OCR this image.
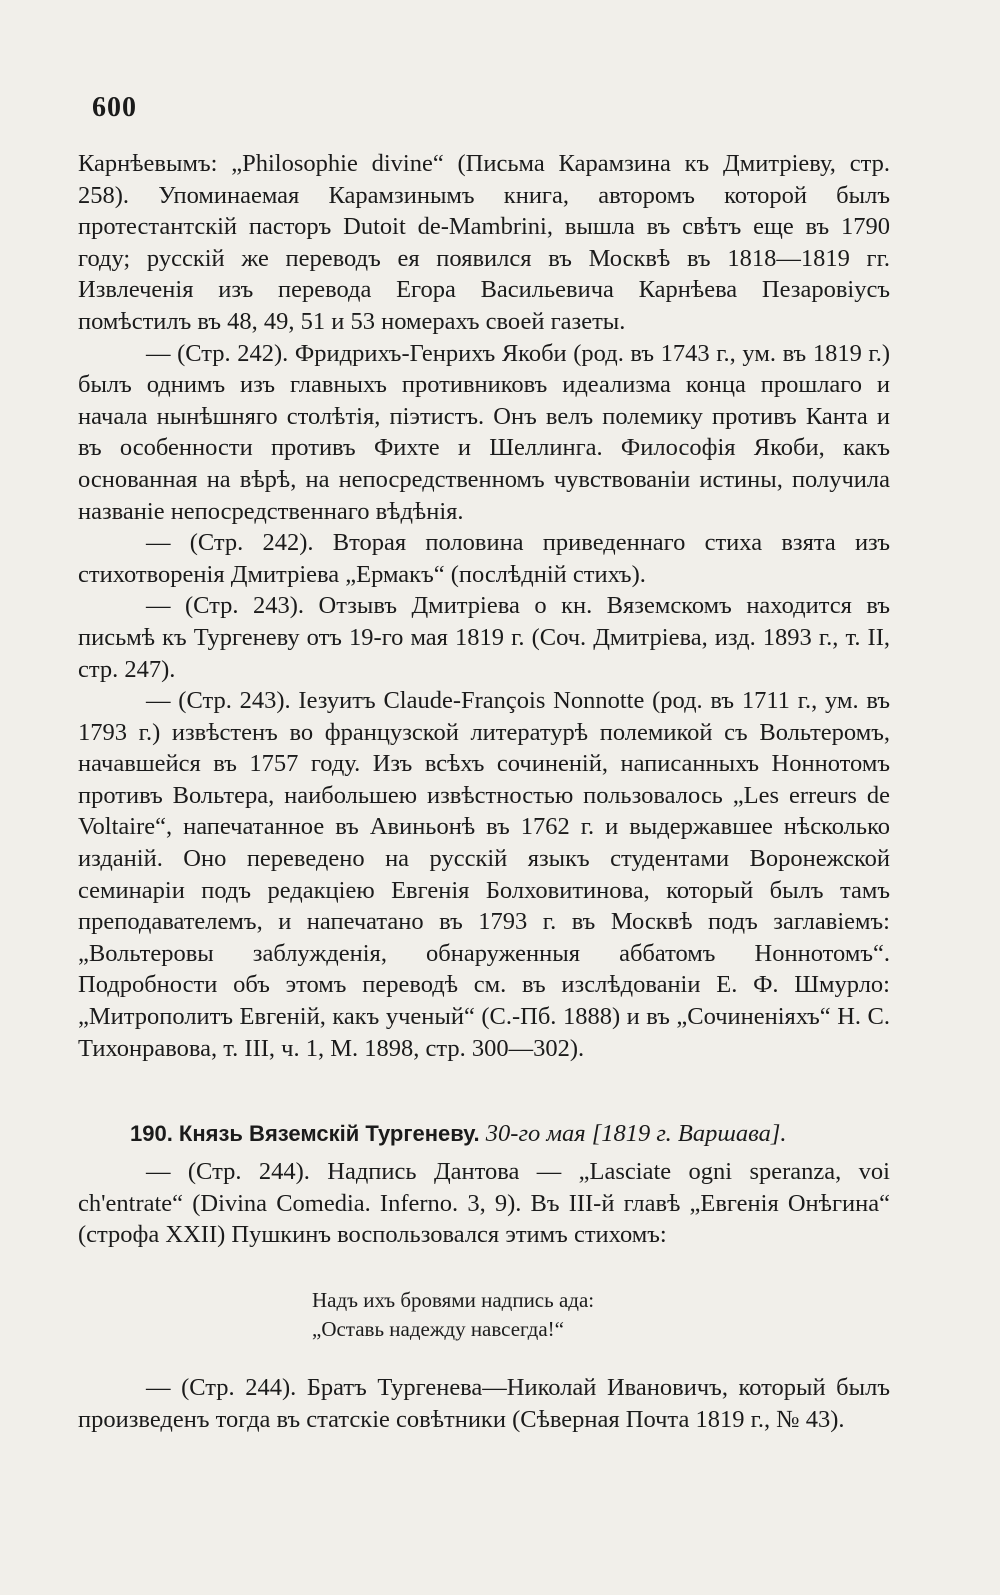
600

Карнѣевымъ: „Philosophie divine“ (Письма Карамзина къ Дмитріеву, стр. 258). Упоминаемая Карамзинымъ книга, авторомъ которой былъ протестантскій пасторъ Dutoit de-Mambrini, вышла въ свѣтъ еще въ 1790 году; русскій же переводъ ея появился въ Москвѣ въ 1818—1819 гг. Извлеченія изъ перевода Егора Васильевича Карнѣева Пезаровіусъ помѣстилъ въ 48, 49, 51 и 53 номерахъ своей газеты.

— (Стр. 242). Фридрихъ-Генрихъ Якоби (род. въ 1743 г., ум. въ 1819 г.) былъ однимъ изъ главныхъ противниковъ идеализма конца прошлаго и начала нынѣшняго столѣтія, піэтистъ. Онъ велъ полемику противъ Канта и въ особенности противъ Фихте и Шеллинга. Философія Якоби, какъ основанная на вѣрѣ, на непосредственномъ чувствованіи истины, получила названіе непосредственнаго вѣдѣнія.

— (Стр. 242). Вторая половина приведеннаго стиха взята изъ стихотворенія Дмитріева „Ермакъ“ (послѣдній стихъ).

— (Стр. 243). Отзывъ Дмитріева о кн. Вяземскомъ находится въ письмѣ къ Тургеневу отъ 19-го мая 1819 г. (Соч. Дмитріева, изд. 1893 г., т. II, стр. 247).

— (Стр. 243). Іезуитъ Claude-François Nonnotte (род. въ 1711 г., ум. въ 1793 г.) извѣстенъ во французской литературѣ полемикой съ Вольтеромъ, начавшейся въ 1757 году. Изъ всѣхъ сочиненій, написанныхъ Ноннотомъ противъ Вольтера, наибольшею извѣстностью пользовалось „Les erreurs de Voltaire“, напечатанное въ Авиньонѣ въ 1762 г. и выдержавшее нѣсколько изданій. Оно переведено на русскій языкъ студентами Воронежской семинаріи подъ редакціею Евгенія Болховитинова, который былъ тамъ преподавателемъ, и напечатано въ 1793 г. въ Москвѣ подъ заглавіемъ: „Вольтеровы заблужденія, обнаруженныя аббатомъ Ноннотомъ“. Подробности объ этомъ переводѣ см. въ изслѣдованіи Е. Ф. Шмурло: „Митрополитъ Евгеній, какъ ученый“ (С.-Пб. 1888) и въ „Сочиненіяхъ“ Н. С. Тихонравова, т. III, ч. 1, М. 1898, стр. 300—302).

190. Князь Вяземскій Тургеневу. 30-го мая [1819 г. Варшава].

— (Стр. 244). Надпись Дантова — „Lasciate ogni speranza, voi ch'entrate“ (Divina Comedia. Inferno. 3, 9). Въ III-й главѣ „Евгенія Онѣгина“ (строфа XXII) Пушкинъ воспользовался этимъ стихомъ:

Надъ ихъ бровями надпись ада:
„Оставь надежду навсегда!“

— (Стр. 244). Братъ Тургенева—Николай Ивановичъ, который былъ произведенъ тогда въ статскіе совѣтники (Сѣверная Почта 1819 г., № 43).
